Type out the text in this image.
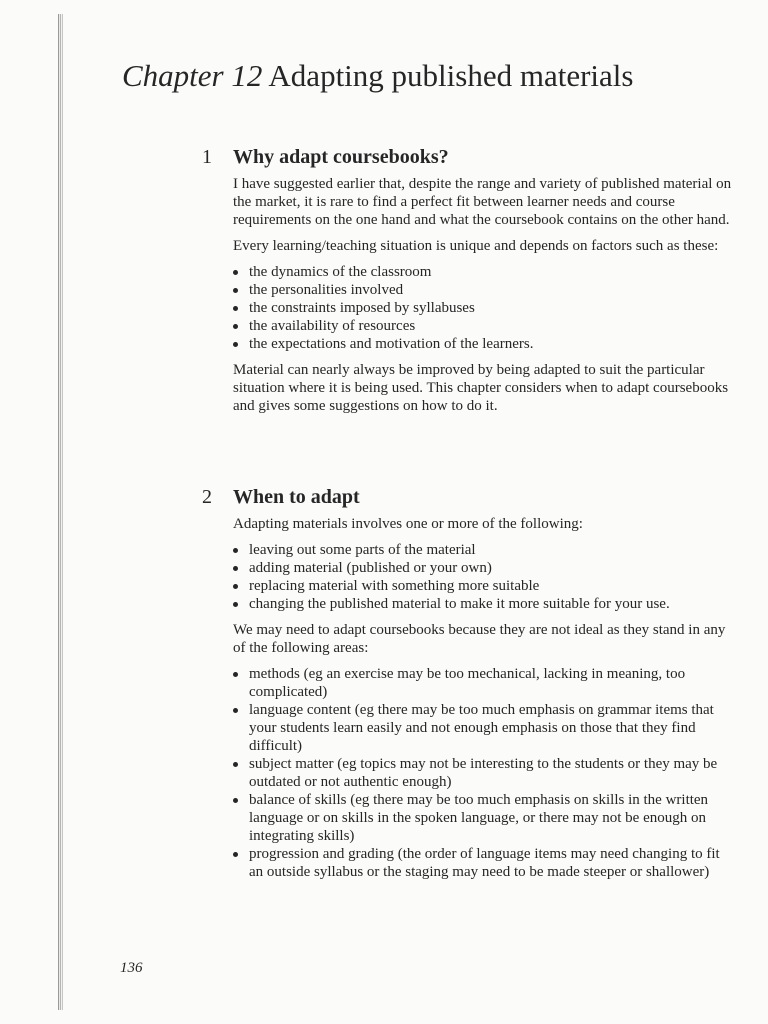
Chapter 12 Adapting published materials
1 Why adapt coursebooks?

I have suggested earlier that, despite the range and variety of published material on the market, it is rare to find a perfect fit between learner needs and course requirements on the one hand and what the coursebook contains on the other hand.

Every learning/teaching situation is unique and depends on factors such as these:

the dynamics of the classroom
the personalities involved
the constraints imposed by syllabuses
the availability of resources
the expectations and motivation of the learners.

Material can nearly always be improved by being adapted to suit the particular situation where it is being used. This chapter considers when to adapt coursebooks and gives some suggestions on how to do it.

2 When to adapt

Adapting materials involves one or more of the following:

leaving out some parts of the material
adding material (published or your own)
replacing material with something more suitable
changing the published material to make it more suitable for your use.

We may need to adapt coursebooks because they are not ideal as they stand in any of the following areas:

methods (eg an exercise may be too mechanical, lacking in meaning, too complicated)
language content (eg there may be too much emphasis on grammar items that your students learn easily and not enough emphasis on those that they find difficult)
subject matter (eg topics may not be interesting to the students or they may be outdated or not authentic enough)
balance of skills (eg there may be too much emphasis on skills in the written language or on skills in the spoken language, or there may not be enough on integrating skills)
progression and grading (the order of language items may need changing to fit an outside syllabus or the staging may need to be made steeper or shallower)
136
